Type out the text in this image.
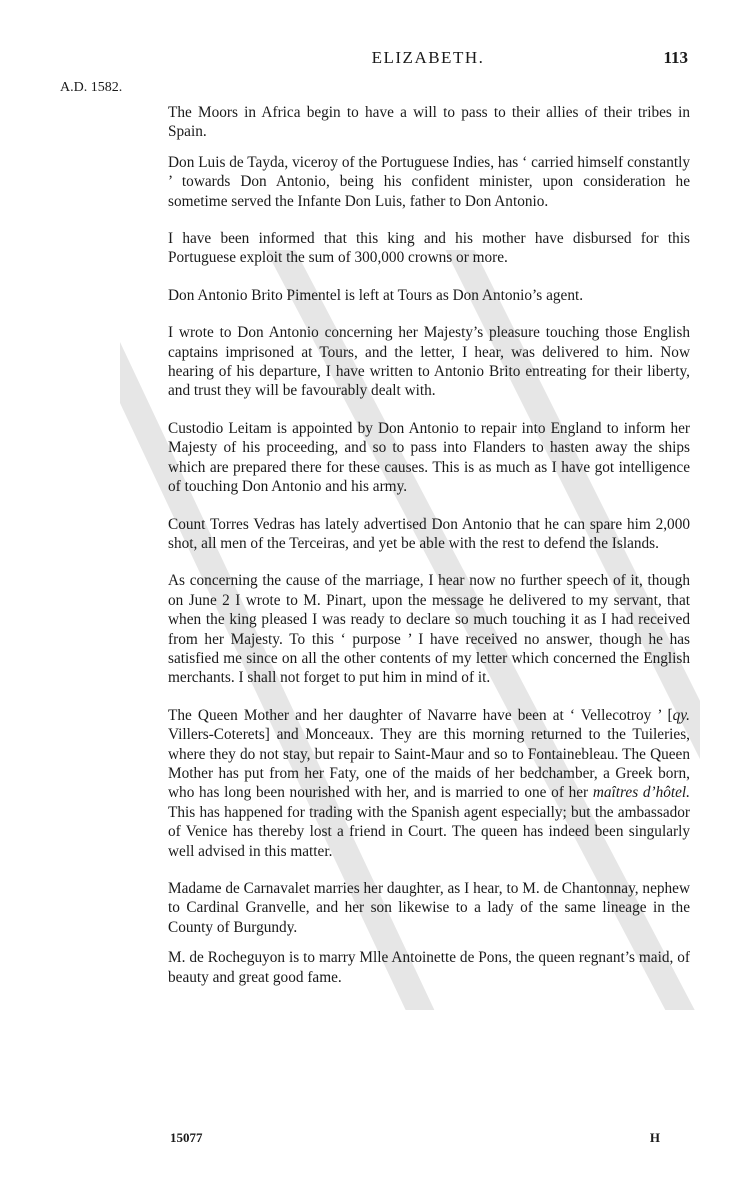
ELIZABETH.	113
A.D. 1582.

The Moors in Africa begin to have a will to pass to their allies of their tribes in Spain.

Don Luis de Tayda, viceroy of the Portuguese Indies, has ‘ carried himself constantly ’ towards Don Antonio, being his confident minister, upon consideration he sometime served the Infante Don Luis, father to Don Antonio.

I have been informed that this king and his mother have disbursed for this Portuguese exploit the sum of 300,000 crowns or more.

Don Antonio Brito Pimentel is left at Tours as Don Antonio’s agent.

I wrote to Don Antonio concerning her Majesty’s pleasure touching those English captains imprisoned at Tours, and the letter, I hear, was delivered to him. Now hearing of his departure, I have written to Antonio Brito entreating for their liberty, and trust they will be favourably dealt with.

Custodio Leitam is appointed by Don Antonio to repair into England to inform her Majesty of his proceeding, and so to pass into Flanders to hasten away the ships which are prepared there for these causes. This is as much as I have got intelligence of touching Don Antonio and his army.

Count Torres Vedras has lately advertised Don Antonio that he can spare him 2,000 shot, all men of the Terceiras, and yet be able with the rest to defend the Islands.

As concerning the cause of the marriage, I hear now no further speech of it, though on June 2 I wrote to M. Pinart, upon the message he delivered to my servant, that when the king pleased I was ready to declare so much touching it as I had received from her Majesty. To this ‘ purpose ’ I have received no answer, though he has satisfied me since on all the other contents of my letter which concerned the English merchants. I shall not forget to put him in mind of it.

The Queen Mother and her daughter of Navarre have been at ‘ Vellecotroy ’ [qy. Villers-Coterets] and Monceaux. They are this morning returned to the Tuileries, where they do not stay, but repair to Saint-Maur and so to Fontainebleau. The Queen Mother has put from her Faty, one of the maids of her bedchamber, a Greek born, who has long been nourished with her, and is married to one of her maîtres d’hôtel. This has happened for trading with the Spanish agent especially; but the ambassador of Venice has thereby lost a friend in Court. The queen has indeed been singularly well advised in this matter.

Madame de Carnavalet marries her daughter, as I hear, to M. de Chantonnay, nephew to Cardinal Granvelle, and her son likewise to a lady of the same lineage in the County of Burgundy.

M. de Rocheguyon is to marry Mlle Antoinette de Pons, the queen regnant’s maid, of beauty and great good fame.

15077	H
